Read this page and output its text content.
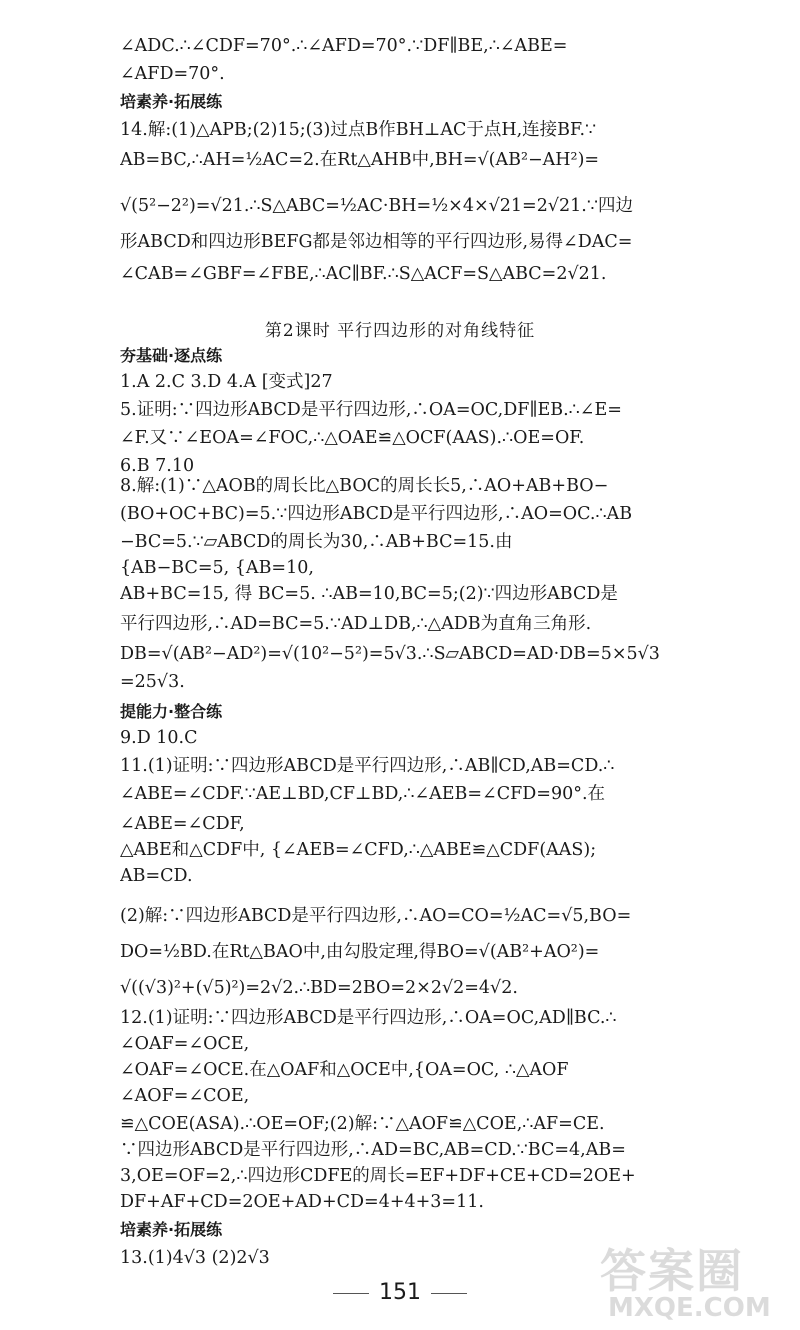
∠ADC.∴∠CDF=70°.∴∠AFD=70°.∵DF∥BE,∴∠ABE=
∠AFD=70°.
培素养·拓展练
14.解:(1)△APB;(2)15;(3)过点B作BH⊥AC于点H,连接BF.∵
AB=BC,∴AH=½AC=2.在Rt△AHB中,BH=√(AB²−AH²)=
√(5²−2²)=√21.∴S△ABC=½AC·BH=½×4×√21=2√21.∵四边
形ABCD和四边形BEFG都是邻边相等的平行四边形,易得∠DAC=
∠CAB=∠GBF=∠FBE,∴AC∥BF.∴S△ACF=S△ABC=2√21.
第2课时 平行四边形的对角线特征
夯基础·逐点练
1.A 2.C 3.D 4.A [变式]27
5.证明:∵四边形ABCD是平行四边形,∴OA=OC,DF∥EB.∴∠E=
∠F.又∵∠EOA=∠FOC,∴△OAE≌△OCF(AAS).∴OE=OF.
6.B 7.10
8.解:(1)∵△AOB的周长比△BOC的周长长5,∴AO+AB+BO−
(BO+OC+BC)=5.∵四边形ABCD是平行四边形,∴AO=OC.∴AB
−BC=5.∵▱ABCD的周长为30,∴AB+BC=15.由
{AB−BC=5, {AB=10,
AB+BC=15, 得 BC=5. ∴AB=10,BC=5;(2)∵四边形ABCD是
平行四边形,∴AD=BC=5.∵AD⊥DB,∴△ADB为直角三角形.
DB=√(AB²−AD²)=√(10²−5²)=5√3.∴S▱ABCD=AD·DB=5×5√3
=25√3.
提能力·整合练
9.D 10.C
11.(1)证明:∵四边形ABCD是平行四边形,∴AB∥CD,AB=CD.∴
∠ABE=∠CDF.∵AE⊥BD,CF⊥BD,∴∠AEB=∠CFD=90°.在
∠ABE=∠CDF,
△ABE和△CDF中, {∠AEB=∠CFD,∴△ABE≌△CDF(AAS);
AB=CD.
(2)解:∵四边形ABCD是平行四边形,∴AO=CO=½AC=√5,BO=
DO=½BD.在Rt△BAO中,由勾股定理,得BO=√(AB²+AO²)=
√((√3)²+(√5)²)=2√2.∴BD=2BO=2×2√2=4√2.
12.(1)证明:∵四边形ABCD是平行四边形,∴OA=OC,AD∥BC.∴
∠OAF=∠OCE,
∠OAF=∠OCE.在△OAF和△OCE中,{OA=OC, ∴△AOF
∠AOF=∠COE,
≌△COE(ASA).∴OE=OF;(2)解:∵△AOF≌△COE,∴AF=CE.
∵四边形ABCD是平行四边形,∴AD=BC,AB=CD.∵BC=4,AB=
3,OE=OF=2,∴四边形CDFE的周长=EF+DF+CE+CD=2OE+
DF+AF+CD=2OE+AD+CD=4+4+3=11.
培素养·拓展练
13.(1)4√3 (2)2√3
151	答案圈
MXQE.COM
